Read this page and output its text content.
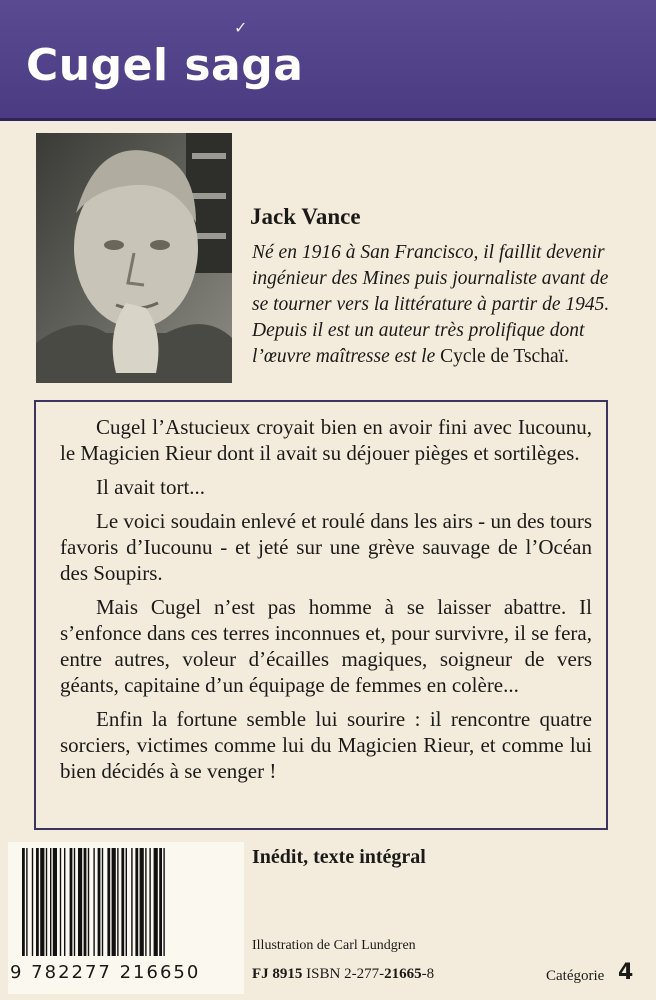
✓
Cugel saga
Jack Vance
Né en 1916 à San Francisco, il faillit devenir ingénieur des Mines puis journaliste avant de se tourner vers la littérature à partir de 1945. Depuis il est un auteur très prolifique dont l’œuvre maîtresse est le Cycle de Tschaï.

Cugel l’Astucieux croyait bien en avoir fini avec Iucounu, le Magicien Rieur dont il avait su déjouer pièges et sortilèges.

Il avait tort...

Le voici soudain enlevé et roulé dans les airs - un des tours favoris d’Iucounu - et jeté sur une grève sauvage de l’Océan des Soupirs.

Mais Cugel n’est pas homme à se laisser abattre. Il s’enfonce dans ces terres inconnues et, pour survivre, il se fera, entre autres, voleur d’écailles magiques, soigneur de vers géants, capitaine d’un équipage de femmes en colère...

Enfin la fortune semble lui sourire : il rencontre quatre sorciers, victimes comme lui du Magicien Rieur, et comme lui bien décidés à se venger !

9 782277 216650
Inédit, texte intégral
Illustration de Carl Lundgren
FJ 8915 ISBN 2-277-21665-8	Catégorie 4
